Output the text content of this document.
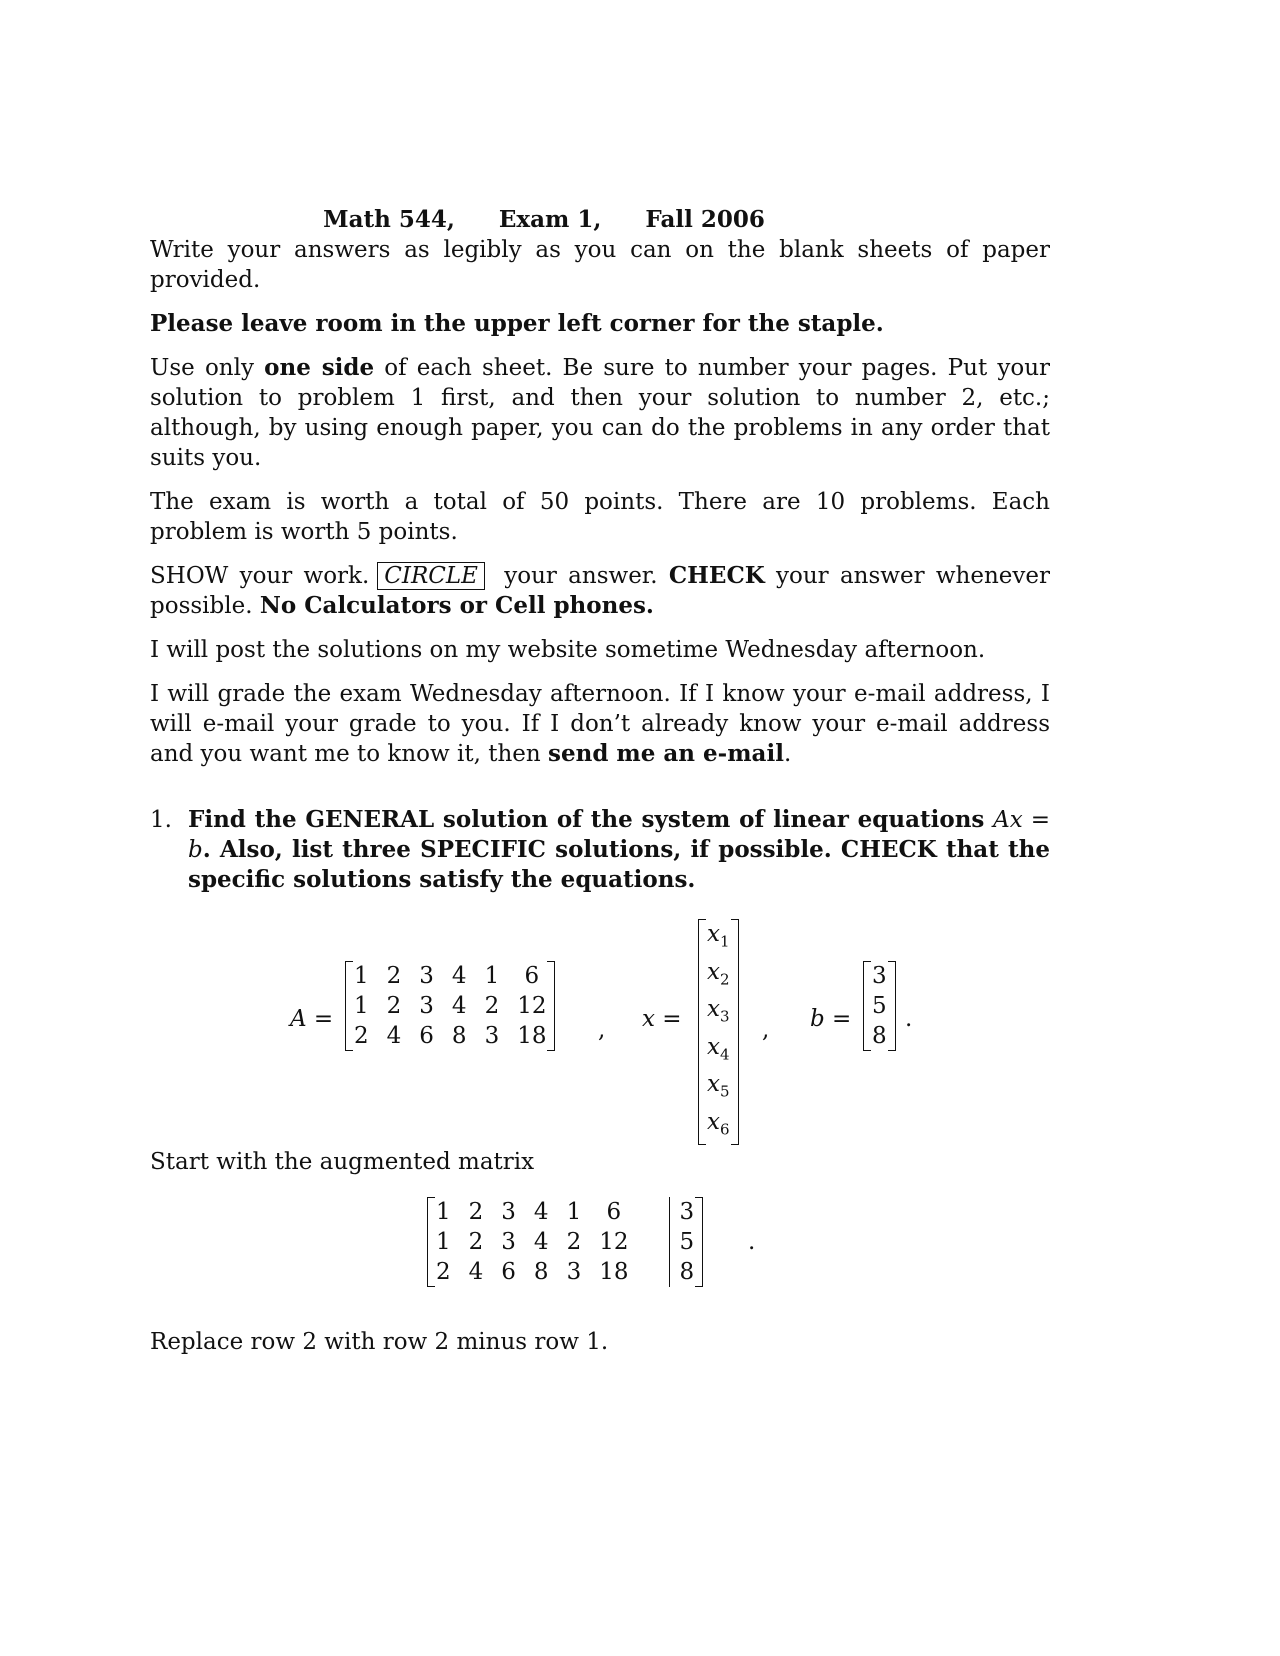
Math 544, Exam 1, Fall 2006

Write your answers as legibly as you can on the blank sheets of paper provided.

Please leave room in the upper left corner for the staple.

Use only one side of each sheet. Be sure to number your pages. Put your solution to problem 1 first, and then your solution to number 2, etc.; although, by using enough paper, you can do the problems in any order that suits you.

The exam is worth a total of 50 points. There are 10 problems. Each problem is worth 5 points.

SHOW your work. CIRCLE your answer. CHECK your answer whenever possible. No Calculators or Cell phones.

I will post the solutions on my website sometime Wednesday afternoon.

I will grade the exam Wednesday afternoon. If I know your e-mail address, I will e-mail your grade to you. If I don’t already know your e-mail address and you want me to know it, then send me an e-mail.

1. Find the GENERAL solution of the system of linear equations Ax = b. Also, list three SPECIFIC solutions, if possible. CHECK that the specific solutions satisfy the equations.
A =
1	2	3	4	1	6
1	2	3	4	2	12
2	4	6	8	3	18 , x =
$x_1$
$x_2$
$x_3$
$x_4$
$x_5$
$x_6$
, b =
3
5
8
.

Start with the augmented matrix

1	2	3	4	1	6		3
1	2	3	4	2	12		5
2	4	6	8	3	18		8
.

Replace row 2 with row 2 minus row 1.
